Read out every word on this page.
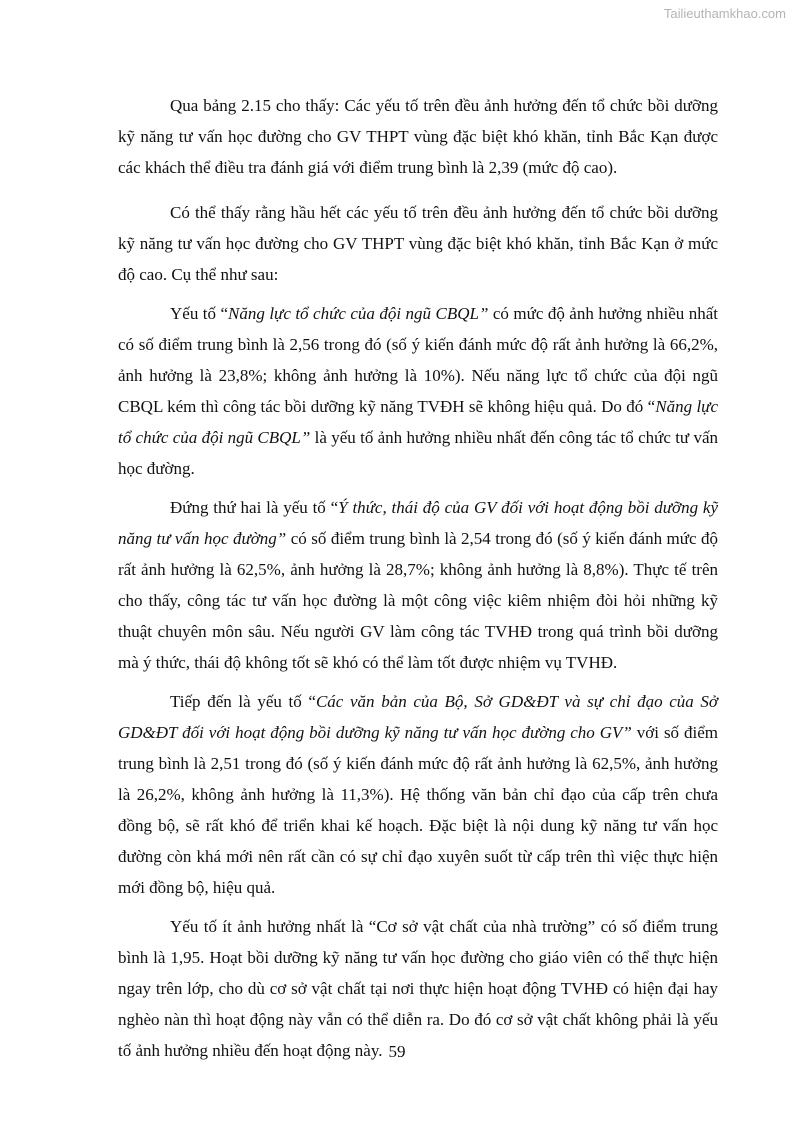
Tailieuthamkhao.com

Qua bảng 2.15 cho thấy: Các yếu tố trên đều ảnh hưởng đến tổ chức bồi dưỡng kỹ năng tư vấn học đường cho GV THPT vùng đặc biệt khó khăn, tỉnh Bắc Kạn được các khách thể điều tra đánh giá với điểm trung bình là 2,39 (mức độ cao).

Có thể thấy rằng hầu hết các yếu tố trên đều ảnh hưởng đến tổ chức bồi dưỡng kỹ năng tư vấn học đường cho GV THPT vùng đặc biệt khó khăn, tỉnh Bắc Kạn ở mức độ cao. Cụ thể như sau:

Yếu tố “Năng lực tổ chức của đội ngũ CBQL” có mức độ ảnh hưởng nhiều nhất có số điểm trung bình là 2,56 trong đó (số ý kiến đánh mức độ rất ảnh hưởng là 66,2%, ảnh hưởng là 23,8%; không ảnh hưởng là 10%). Nếu năng lực tổ chức của đội ngũ CBQL kém thì công tác bồi dưỡng kỹ năng TVĐH sẽ không hiệu quả. Do đó “Năng lực tổ chức của đội ngũ CBQL” là yếu tố ảnh hưởng nhiều nhất đến công tác tổ chức tư vấn học đường.

Đứng thứ hai là yếu tố “Ý thức, thái độ của GV đối với hoạt động bồi dưỡng kỹ năng tư vấn học đường” có số điểm trung bình là 2,54 trong đó (số ý kiến đánh mức độ rất ảnh hưởng là 62,5%, ảnh hưởng là 28,7%; không ảnh hưởng là 8,8%). Thực tế trên cho thấy, công tác tư vấn học đường là một công việc kiêm nhiệm đòi hỏi những kỹ thuật chuyên môn sâu. Nếu người GV làm công tác TVHĐ trong quá trình bồi dưỡng mà ý thức, thái độ không tốt sẽ khó có thể làm tốt được nhiệm vụ TVHĐ.

Tiếp đến là yếu tố “Các văn bản của Bộ, Sở GD&ĐT và sự chỉ đạo của Sở GD&ĐT đối với hoạt động bồi dưỡng kỹ năng tư vấn học đường cho GV” với số điểm trung bình là 2,51 trong đó (số ý kiến đánh mức độ rất ảnh hưởng là 62,5%, ảnh hưởng là 26,2%, không ảnh hưởng là 11,3%). Hệ thống văn bản chỉ đạo của cấp trên chưa đồng bộ, sẽ rất khó để triển khai kế hoạch. Đặc biệt là nội dung kỹ năng tư vấn học đường còn khá mới nên rất cần có sự chỉ đạo xuyên suốt từ cấp trên thì việc thực hiện mới đồng bộ, hiệu quả.

Yếu tố ít ảnh hưởng nhất là “Cơ sở vật chất của nhà trường” có số điểm trung bình là 1,95. Hoạt bồi dưỡng kỹ năng tư vấn học đường cho giáo viên có thể thực hiện ngay trên lớp, cho dù cơ sở vật chất tại nơi thực hiện hoạt động TVHĐ có hiện đại hay nghèo nàn thì hoạt động này vẫn có thể diễn ra. Do đó cơ sở vật chất không phải là yếu tố ảnh hưởng nhiều đến hoạt động này. 59
